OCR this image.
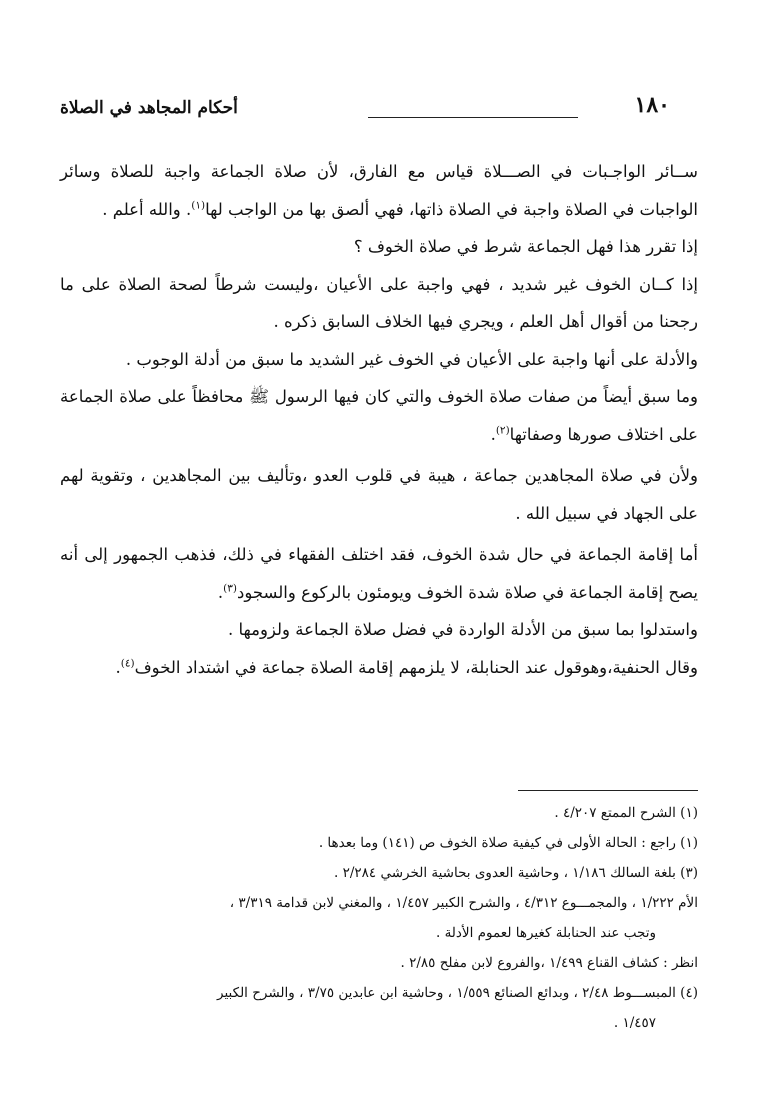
١٨٠
أحكام المجاهد في الصلاة

ســائر الواجـبات في الصـــلاة قياس مع الفارق، لأن صلاة الجماعة واجبة للصلاة وسائر الواجبات في الصلاة واجبة في الصلاة ذاتها، فهي ألصق بها من الواجب لها$^{(١)}$. والله أعلم .

إذا تقرر هذا فهل الجماعة شرط في صلاة الخوف ؟

إذا كــان الخوف غير شديد ، فهي واجبة على الأعيان ،وليست شرطاً لصحة الصلاة على ما رجحنا من أقوال أهل العلم ، ويجري فيها الخلاف السابق ذكره .

والأدلة على أنها واجبة على الأعيان في الخوف غير الشديد ما سبق من أدلة الوجوب .

وما سبق أيضاً من صفات صلاة الخوف والتي كان فيها الرسول ﷺ محافظاً على صلاة الجماعة على اختلاف صورها وصفاتها$^{(٢)}$.

ولأن في صلاة المجاهدين جماعة ، هيبة في قلوب العدو ،وتأليف بين المجاهدين ، وتقوية لهم على الجهاد في سبيل الله .

أما إقامة الجماعة في حال شدة الخوف، فقد اختلف الفقهاء في ذلك، فذهب الجمهور إلى أنه يصح إقامة الجماعة في صلاة شدة الخوف ويومئون بالركوع والسجود$^{(٣)}$.

واستدلوا بما سبق من الأدلة الواردة في فضل صلاة الجماعة ولزومها .

وقال الحنفية،وهوقول عند الحنابلة، لا يلزمهم إقامة الصلاة جماعة في اشتداد الخوف$^{(٤)}$.

(١) الشرح الممتع ٤/٢٠٧ .

(١) راجع : الحالة الأولى في كيفية صلاة الخوف ص (١٤١) وما بعدها .

(٣) بلغة السالك ١/١٨٦ ، وحاشية العدوى بحاشية الخرشي ٢/٢٨٤ .

الأم ١/٢٢٢ ، والمجمـــوع ٤/٣١٢ ، والشرح الكبير ١/٤٥٧ ، والمغني لابن قدامة ٣/٣١٩ ،

وتجب عند الحنابلة كغيرها لعموم الأدلة .

انظر : كشاف القناع ١/٤٩٩ ،والفروع لابن مفلح ٢/٨٥ .

(٤) المبســـوط ٢/٤٨ ، وبدائع الصنائع ١/٥٥٩ ، وحاشية ابن عابدين ٣/٧٥ ، والشرح الكبير

١/٤٥٧ .
